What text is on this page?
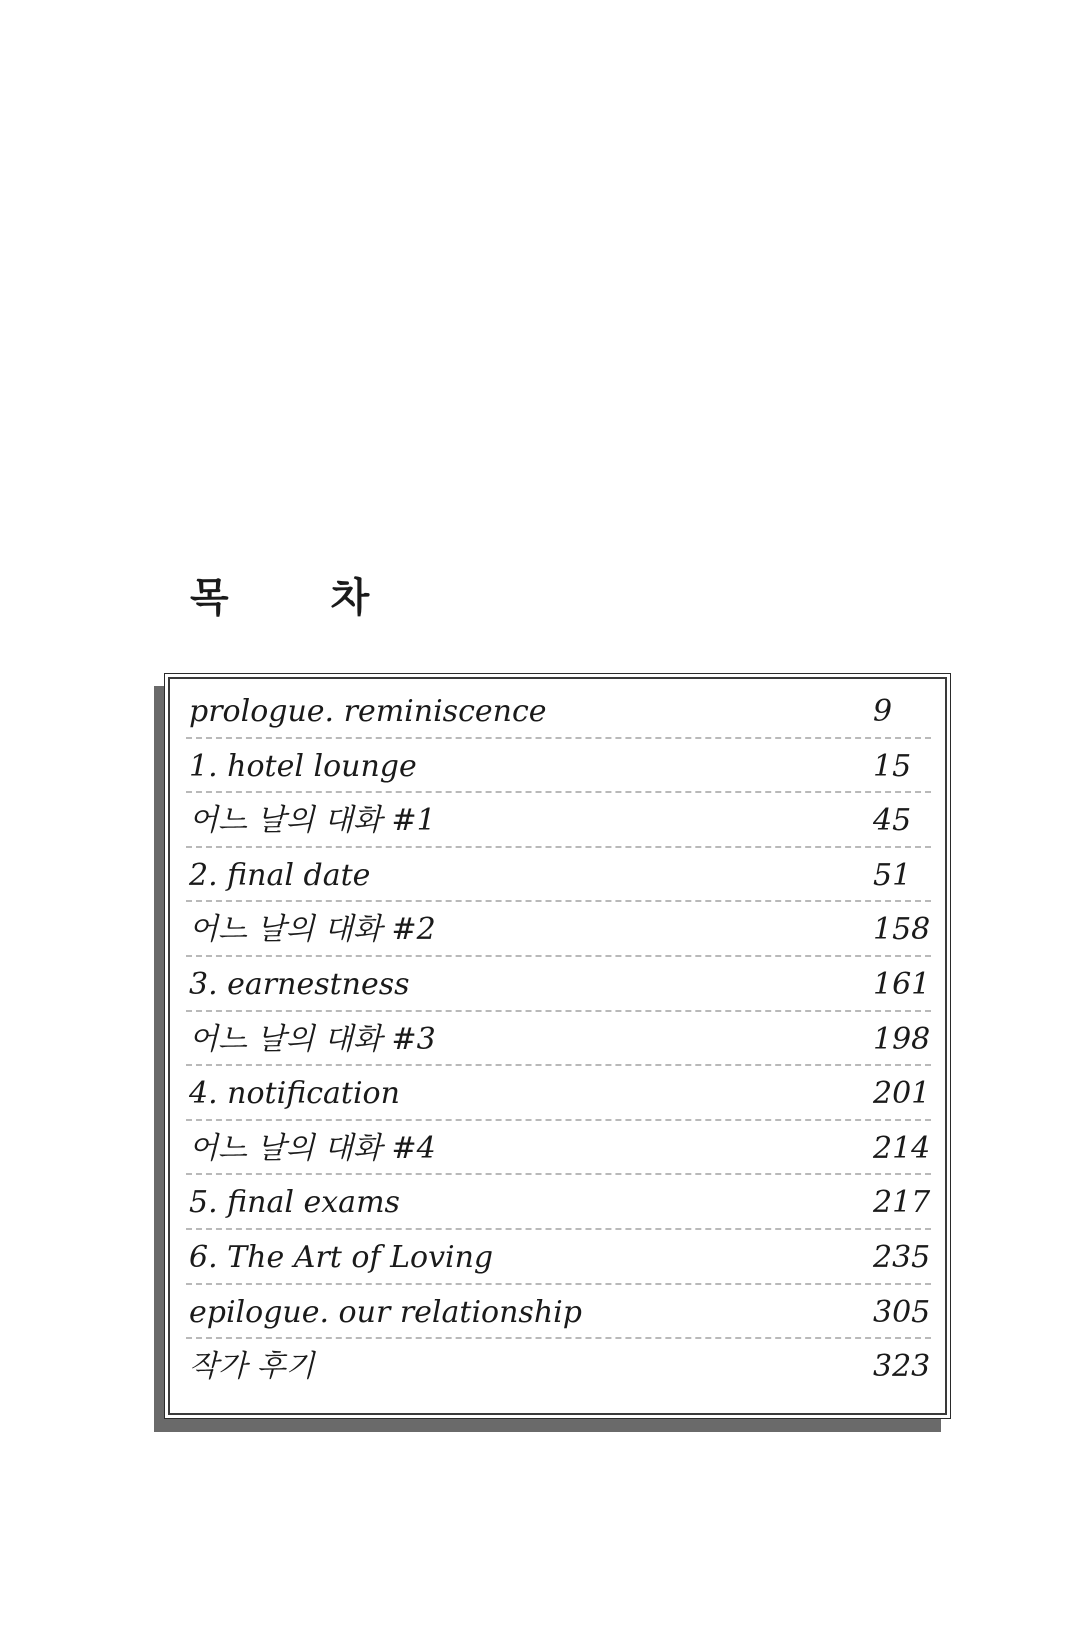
목 차
prologue. reminiscence	9
1. hotel lounge	15
어느 날의 대화 #1	45
2. final date	51
어느 날의 대화 #2	158
3. earnestness	161
어느 날의 대화 #3	198
4. notification	201
어느 날의 대화 #4	214
5. final exams	217
6. The Art of Loving	235
epilogue. our relationship	305
작가 후기	323
